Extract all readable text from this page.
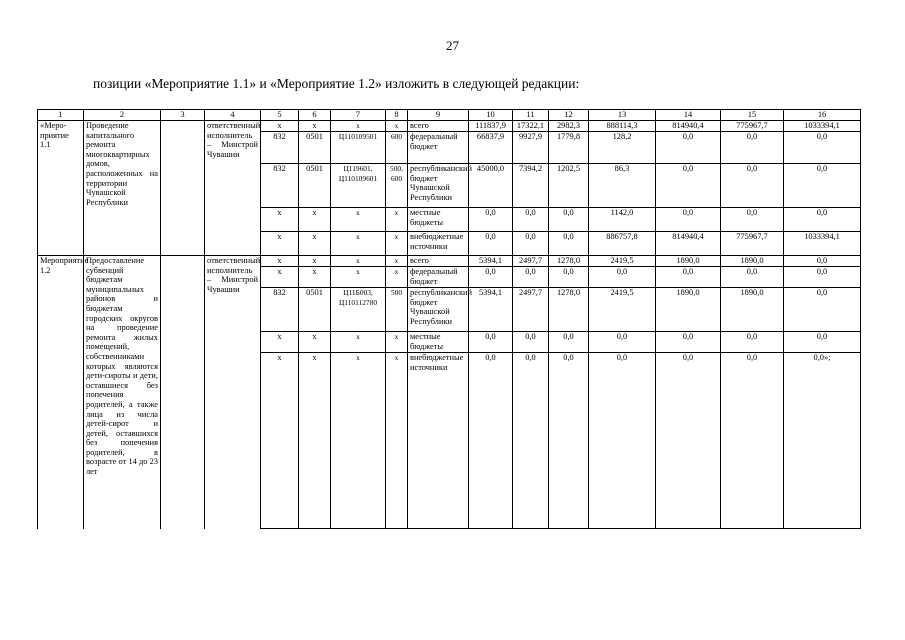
27
позиции «Мероприятие 1.1» и «Мероприятие 1.2» изложить в следующей редакции:
1	2	3	4	5	6	7	8	9	10	11	12	13	14	15	16
«Меро-приятие 1.1	Проведение капитального ремонта многоквартирных домов, расположенных на территории Чувашской Республики		ответственный исполнитель – Минстрой Чувашии	x	x	x	x	всего	111837,9	17322,1	2982,3	888114,3	814940,4	775967,7	1033394,1
				832	0501	Ц110109501	600	федеральный бюджет	66837,9	9927,9	1779,8	128,2	0,0	0,0	0,0
				832	0501	Ц119601, Ц110109601	500, 600	республиканский бюджет Чувашской Республики	45000,0	7394,2	1202,5	86,3	0,0	0,0	0,0
				x	x	x	x	местные бюджеты	0,0	0,0	0,0	1142,0	0,0	0,0	0,0
				x	x	x	x	внебюджетные источники	0,0	0,0	0,0	886757,8	814940,4	775967,7	1033394,1
Мероприятие 1.2	Предоставление субвенций бюджетам муниципальных районов и бюджетам городских округов на проведение ремонта жилых помещений, собственниками которых являются дети-сироты и дети, оставшиеся без попечения родителей, а также лица из числа детей-сирот и детей, оставшихся без попечения родителей, в возрасте от 14 до 23 лет		ответственный исполнитель – Минстрой Чувашии	x	x	x	x	всего	5394,1	2497,7	1278,0	2419,5	1890,0	1890,0	0,0
				x	x	x	x	федеральный бюджет	0,0	0,0	0,0	0,0	0,0	0,0	0,0
				832	0501	Ц11Б003, Ц110112780	500	республиканский бюджет Чувашской Республики	5394,1	2497,7	1278,0	2419,5	1890,0	1890,0	0,0
				x	x	x	x	местные бюджеты	0,0	0,0	0,0	0,0	0,0	0,0	0,0
				x	x	x	x	внебюджетные источники	0,0	0,0	0,0	0,0	0,0	0,0	0,0»;
